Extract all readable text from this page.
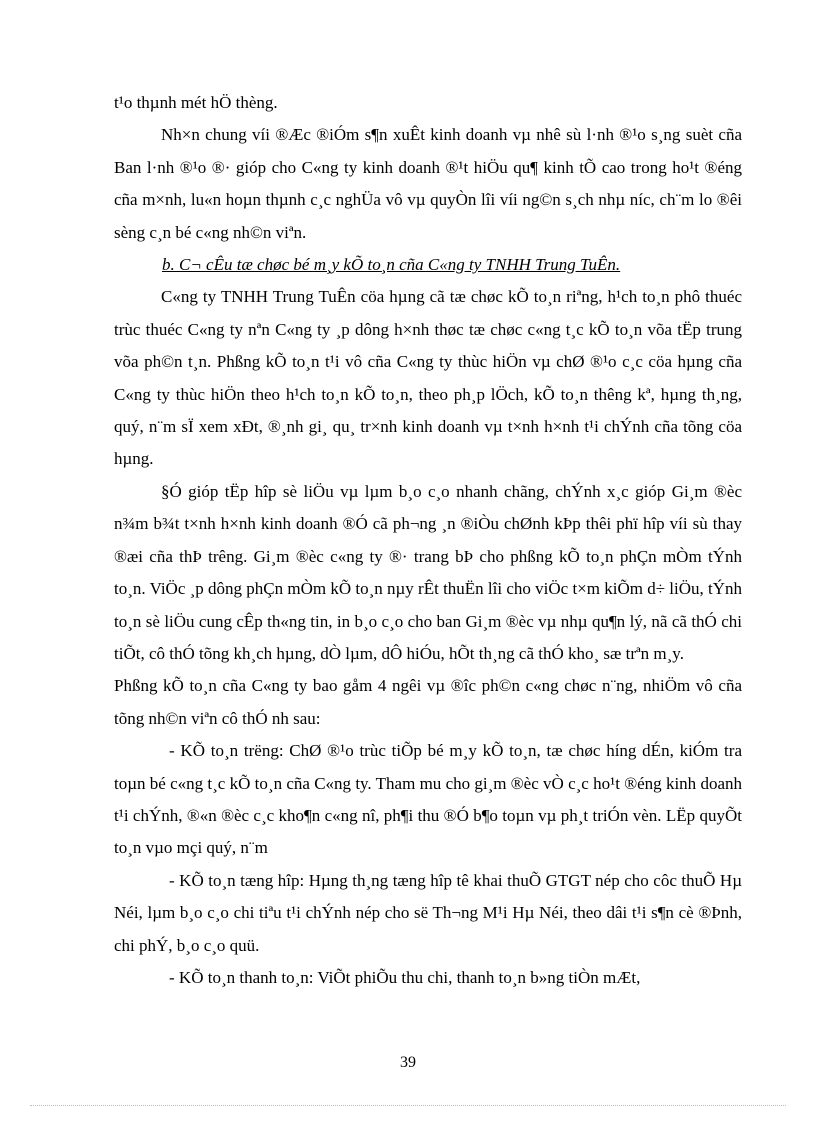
t¹o thµnh mét hÖ thèng.

Nh×n chung víi ®Æc ®iÓm s¶n xuÊt kinh doanh vµ nhê sù l·nh ®¹o s¸ng suèt cña Ban l·nh ®¹o ®· gióp cho C«ng ty kinh doanh ®¹t hiÖu qu¶ kinh tÕ cao trong ho¹t ®éng cña m×nh, lu«n hoµn thµnh c¸c nghÜa vô vµ quyÒn lîi víi ng©n s¸ch nhµ níc, ch¨m lo ®êi sèng c¸n bé c«ng nh©n viªn.

b. C¬ cÊu tæ chøc bé m¸y kÕ to¸n cña C«ng ty TNHH Trung TuÊn.

C«ng ty TNHH Trung TuÊn cöa hµng cã tæ chøc kÕ to¸n riªng, h¹ch to¸n phô thuéc trùc thuéc C«ng ty nªn C«ng ty ¸p dông h×nh thøc tæ chøc c«ng t¸c kÕ to¸n võa tËp trung võa ph©n t¸n. Phßng kÕ to¸n t¹i vô cña C«ng ty thùc hiÖn vµ chØ ®¹o c¸c cöa hµng cña C«ng ty thùc hiÖn theo h¹ch to¸n kÕ to¸n, theo ph¸p lÖch, kÕ to¸n thêng kª, hµng th¸ng, quý, n¨m sÏ xem xÐt, ®¸nh gi¸ qu¸ tr×nh kinh doanh vµ t×nh h×nh t¹i chÝnh cña tõng cöa hµng.

§Ó gióp tËp hîp sè liÖu vµ lµm b¸o c¸o nhanh chãng, chÝnh x¸c gióp Gi¸m ®èc n¾m b¾t t×nh h×nh kinh doanh ®Ó cã ph¬ng ¸n ®iÒu chØnh kÞp thêi phï hîp víi sù thay ®æi cña thÞ trêng. Gi¸m ®èc c«ng ty ®· trang bÞ cho phßng kÕ to¸n phÇn mÒm tÝnh to¸n. ViÖc ¸p dông phÇn mÒm kÕ to¸n nµy rÊt thuËn lîi cho viÖc t×m kiÕm d÷ liÖu, tÝnh to¸n sè liÖu cung cÊp th«ng tin, in b¸o c¸o cho ban Gi¸m ®èc vµ nhµ qu¶n lý, nã cã thÓ chi tiÕt, cô thÓ tõng kh¸ch hµng, dÒ lµm, dÔ hiÓu, hÕt th¸ng cã thÓ kho¸ sæ trªn m¸y.

Phßng kÕ to¸n cña C«ng ty bao gåm 4 ngêi vµ ®îc ph©n c«ng chøc n¨ng, nhiÖm vô cña tõng nh©n viªn cô thÓ nh sau:

- KÕ to¸n trëng: ChØ ®¹o trùc tiÕp bé m¸y kÕ to¸n, tæ chøc híng dÉn, kiÓm tra toµn bé c«ng t¸c kÕ to¸n cña C«ng ty. Tham mu cho gi¸m ®èc vÒ c¸c ho¹t ®éng kinh doanh t¹i chÝnh, ®«n ®èc c¸c kho¶n c«ng nî, ph¶i thu ®Ó b¶o toµn vµ ph¸t triÓn vèn. LËp quyÕt to¸n vµo mçi quý, n¨m

- KÕ to¸n tæng hîp: Hµng th¸ng tæng hîp tê khai thuÕ GTGT nép cho côc thuÕ Hµ Néi, lµm b¸o c¸o chi tiªu t¹i chÝnh nép cho së Th¬ng M¹i Hµ Néi, theo dâi t¹i s¶n cè ®Þnh, chi phÝ, b¸o c¸o quü.

- KÕ to¸n thanh to¸n: ViÕt phiÕu thu chi, thanh to¸n b»ng tiÒn mÆt,

39
